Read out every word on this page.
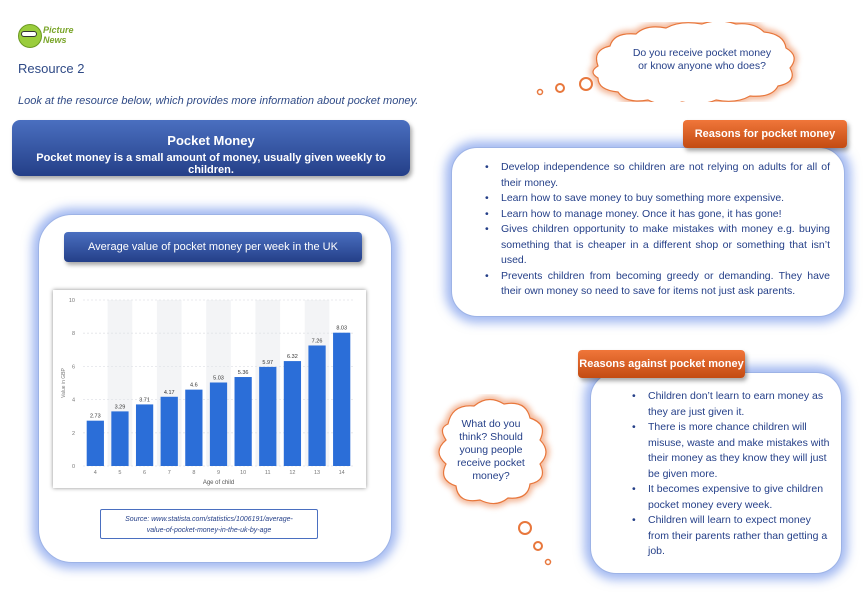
Picture
News
Resource 2
Look at the resource below, which provides more information about pocket money.
Pocket Money
Pocket money is a small amount of money, usually given weekly to children.
Do you receive pocket money
or know anyone who does?
Average value of pocket money per week in the UK
0
2
4
6
8
10
2.73
4
3.29
5
3.71
6
4.17
7
4.6
8
5.03
9
5.36
10
5.97
11
6.32
12
7.26
13
8.03
14
Age of child
Value in GBP
Source: www.statista.com/statistics/1006191/average-
value-of-pocket-money-in-the-uk-by-age
Reasons for pocket money
• Develop independence so children are not relying on adults for all of their money.
• Learn how to save money to buy something more expensive.
• Learn how to manage money. Once it has gone, it has gone!
• Gives children opportunity to make mistakes with money e.g. buying something that is cheaper in a different shop or something that isn’t used.
• Prevents children from becoming greedy or demanding. They have their own money so need to save for items not just ask parents.
What do you
think? Should
young people
receive pocket
money?
Reasons against pocket money
• Children don’t learn to earn money as they are just given it.
• There is more chance children will misuse, waste and make mistakes with their money as they know they will just be given more.
• It becomes expensive to give children pocket money every week.
• Children will learn to expect money from their parents rather than getting a job.
